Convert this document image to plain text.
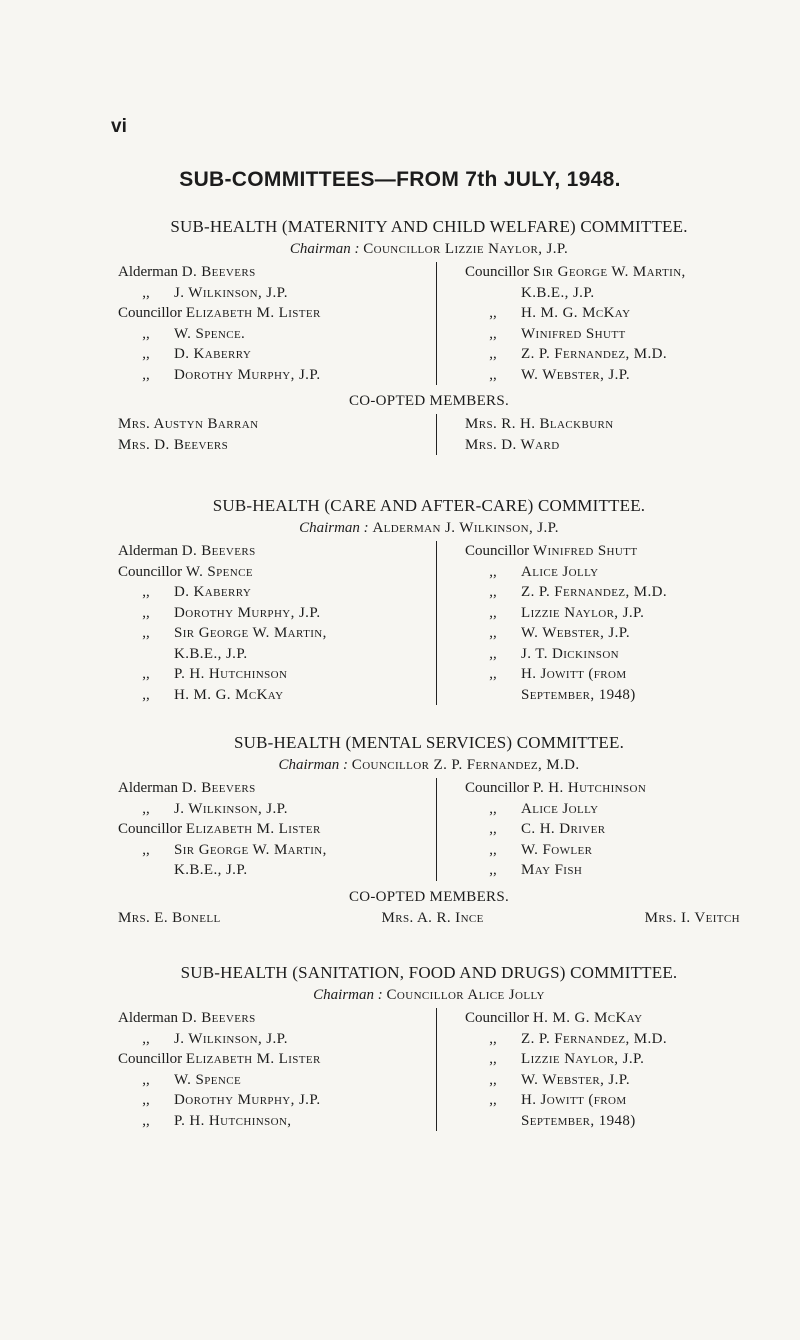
vi
SUB-COMMITTEES—FROM 7th JULY, 1948.
SUB-HEALTH (MATERNITY AND CHILD WELFARE) COMMITTEE.
Chairman : Councillor Lizzie Naylor, J.P.
Alderman D. Beevers
,, J. Wilkinson, J.P.
Councillor Elizabeth M. Lister
,, W. Spence.
,, D. Kaberry
,, Dorothy Murphy, J.P.
Councillor Sir George W. Martin,
K.B.E., J.P.
,, H. M. G. McKay
,, Winifred Shutt
,, Z. P. Fernandez, M.D.
,, W. Webster, J.P.
CO-OPTED MEMBERS.
Mrs. Austyn Barran
Mrs. D. Beevers
Mrs. R. H. Blackburn
Mrs. D. Ward
SUB-HEALTH (CARE AND AFTER-CARE) COMMITTEE.
Chairman : Alderman J. Wilkinson, J.P.
Alderman D. Beevers
Councillor W. Spence
,, D. Kaberry
,, Dorothy Murphy, J.P.
,, Sir George W. Martin,
K.B.E., J.P.
,, P. H. Hutchinson
,, H. M. G. McKay
Councillor Winifred Shutt
,, Alice Jolly
,, Z. P. Fernandez, M.D.
,, Lizzie Naylor, J.P.
,, W. Webster, J.P.
,, J. T. Dickinson
,, H. Jowitt (from
September, 1948)
SUB-HEALTH (MENTAL SERVICES) COMMITTEE.
Chairman : Councillor Z. P. Fernandez, M.D.
Alderman D. Beevers
,, J. Wilkinson, J.P.
Councillor Elizabeth M. Lister
,, Sir George W. Martin,
K.B.E., J.P.
Councillor P. H. Hutchinson
,, Alice Jolly
,, C. H. Driver
,, W. Fowler
,, May Fish
CO-OPTED MEMBERS.
Mrs. E. Bonell	Mrs. A. R. Ince	Mrs. I. Veitch
SUB-HEALTH (SANITATION, FOOD AND DRUGS) COMMITTEE.
Chairman : Councillor Alice Jolly
Alderman D. Beevers
,, J. Wilkinson, J.P.
Councillor Elizabeth M. Lister
,, W. Spence
,, Dorothy Murphy, J.P.
,, P. H. Hutchinson,
Councillor H. M. G. McKay
,, Z. P. Fernandez, M.D.
,, Lizzie Naylor, J.P.
,, W. Webster, J.P.
,, H. Jowitt (from
September, 1948)
